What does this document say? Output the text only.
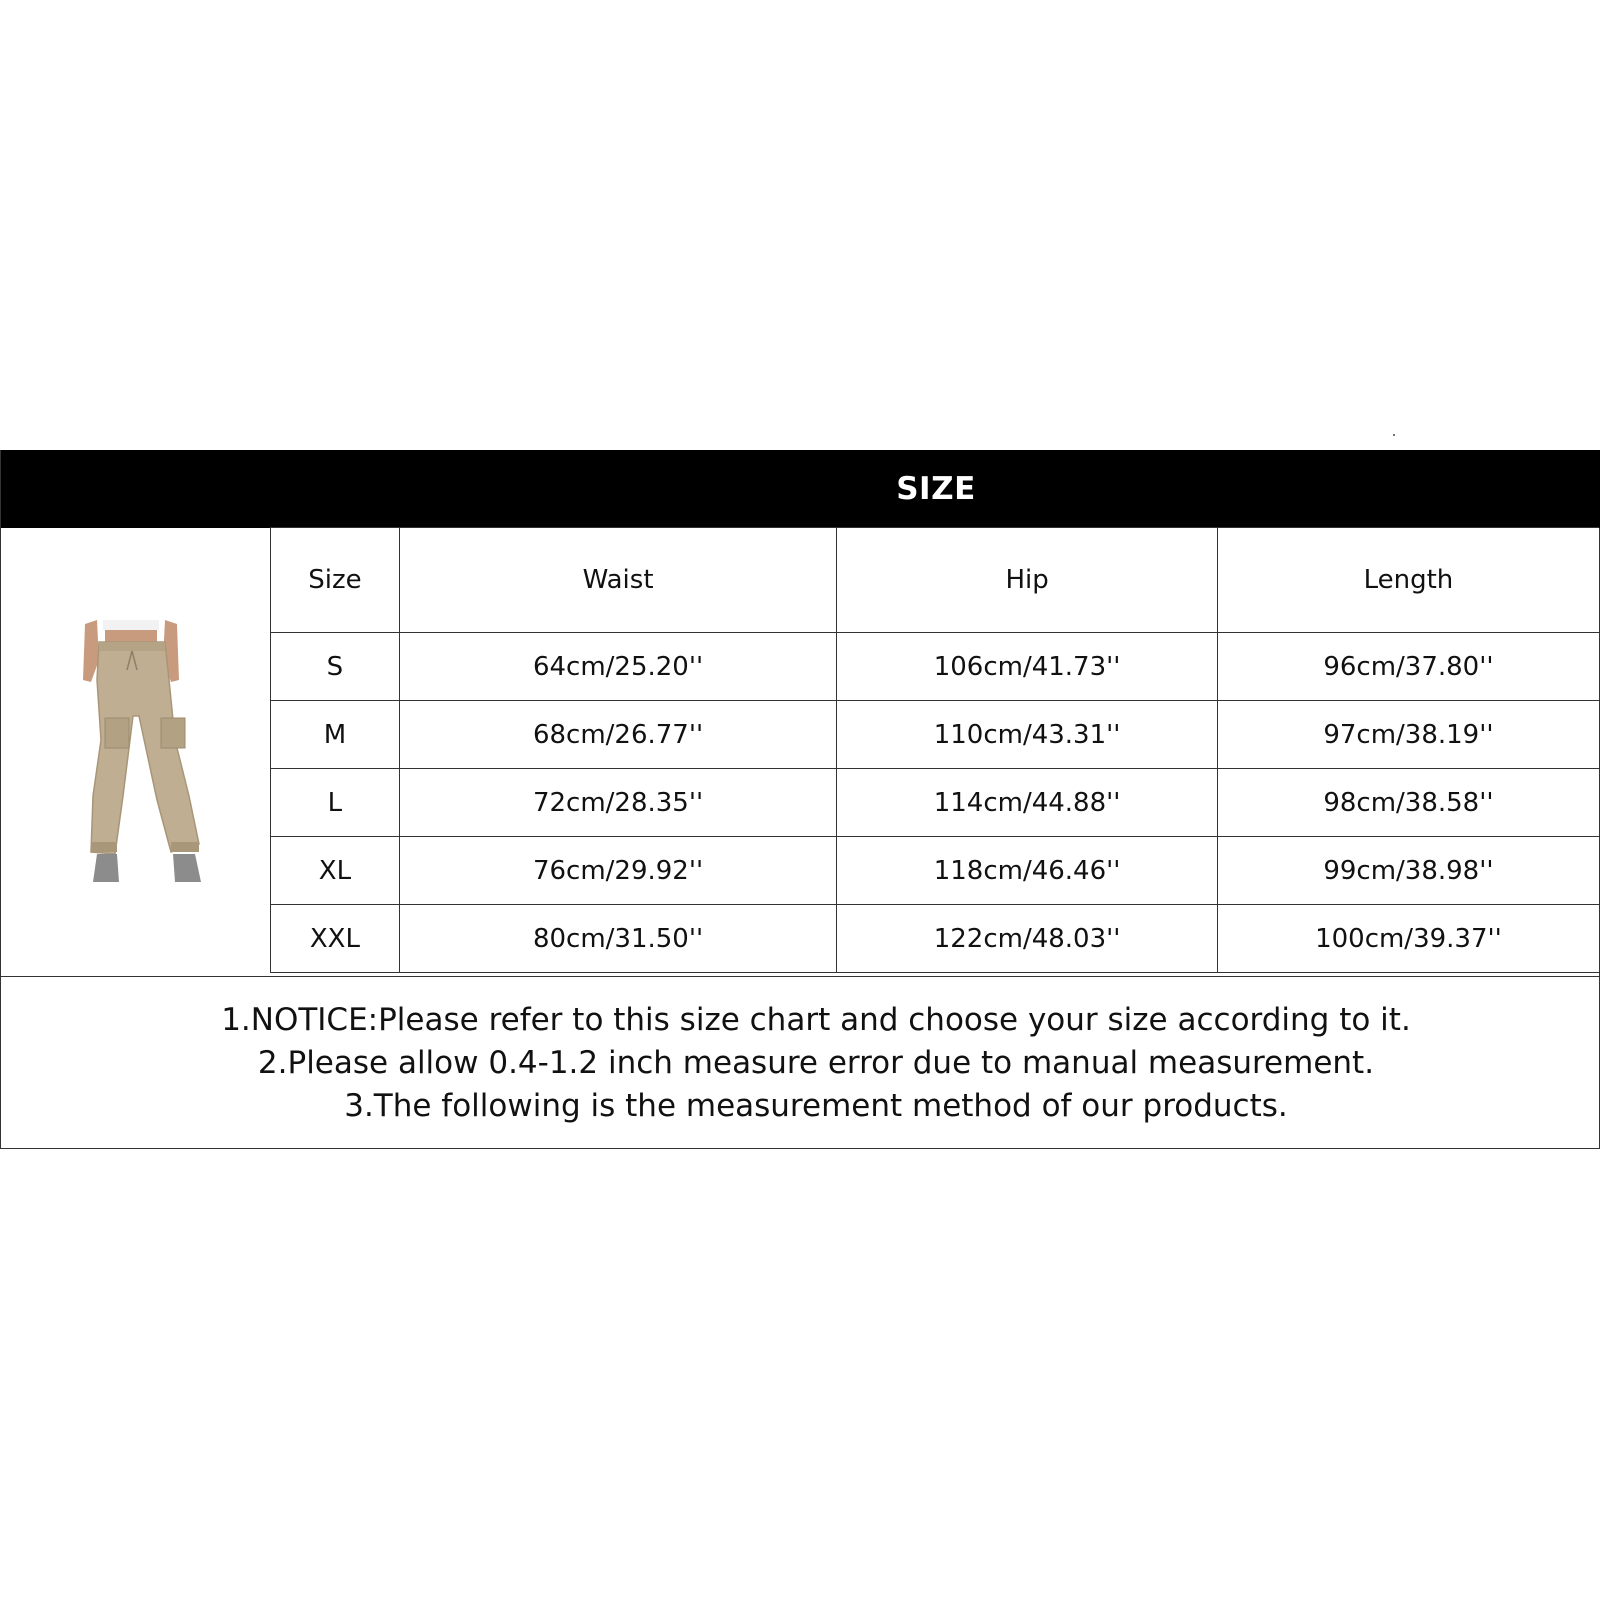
SIZE CHART
Size	Waist	Hip	Length
S	64cm/25.20''	106cm/41.73''	96cm/37.80''
M	68cm/26.77''	110cm/43.31''	97cm/38.19''
L	72cm/28.35''	114cm/44.88''	98cm/38.58''
XL	76cm/29.92''	118cm/46.46''	99cm/38.98''
XXL	80cm/31.50''	122cm/48.03''	100cm/39.37''
1.NOTICE:Please refer to this size chart and choose your size according to it.
2.Please allow 0.4-1.2 inch measure error due to manual measurement.
3.The following is the measurement method of our products.
